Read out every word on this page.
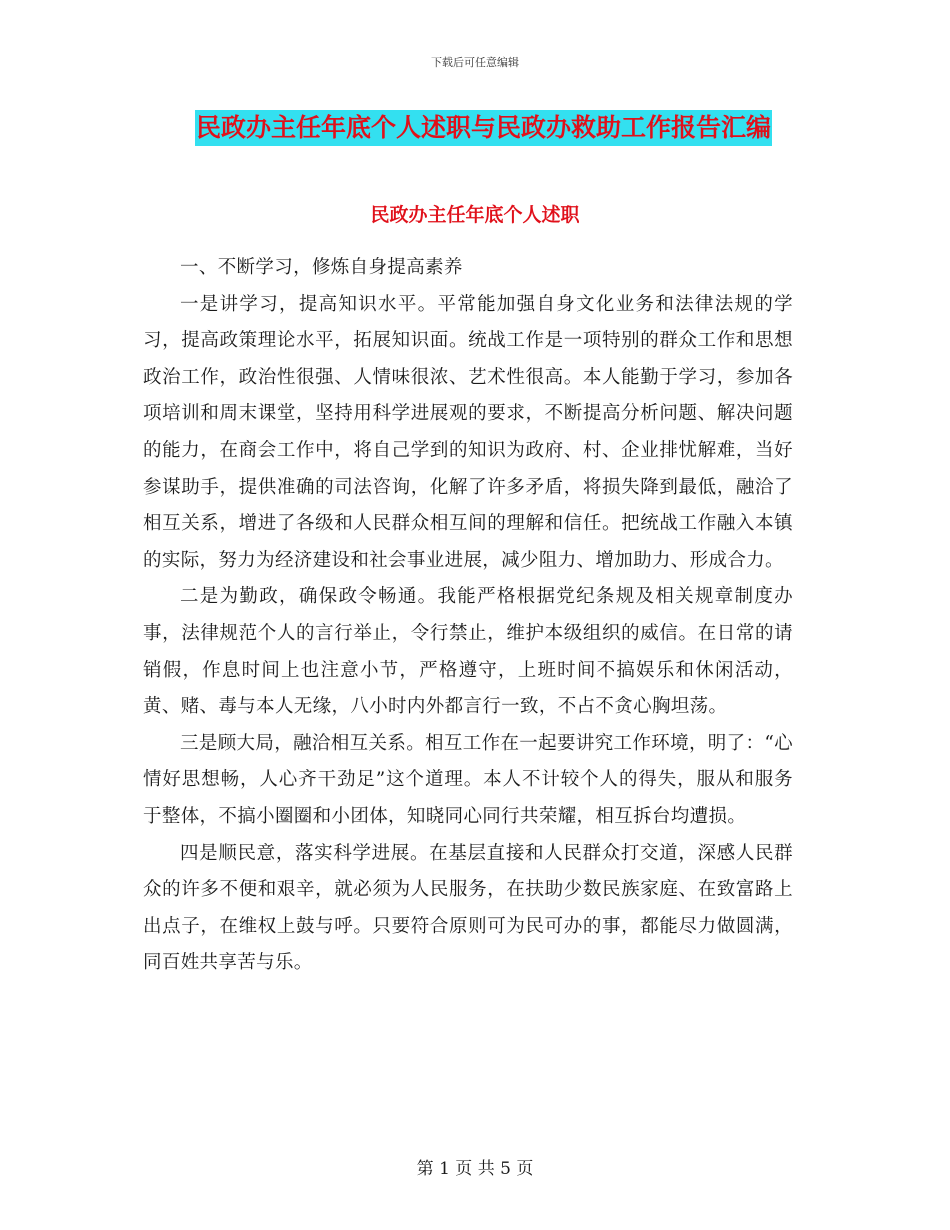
下载后可任意编辑
民政办主任年底个人述职与民政办救助工作报告汇编
民政办主任年底个人述职

一、不断学习，修炼自身提高素养

一是讲学习，提高知识水平。平常能加强自身文化业务和法律法规的学习，提高政策理论水平，拓展知识面。统战工作是一项特别的群众工作和思想政治工作，政治性很强、人情味很浓、艺术性很高。本人能勤于学习，参加各项培训和周末课堂，坚持用科学进展观的要求，不断提高分析问题、解决问题的能力，在商会工作中，将自己学到的知识为政府、村、企业排忧解难，当好参谋助手，提供准确的司法咨询，化解了许多矛盾，将损失降到最低，融洽了相互关系，增进了各级和人民群众相互间的理解和信任。把统战工作融入本镇的实际，努力为经济建设和社会事业进展，减少阻力、增加助力、形成合力。

二是为勤政，确保政令畅通。我能严格根据党纪条规及相关规章制度办事，法律规范个人的言行举止，令行禁止，维护本级组织的威信。在日常的请销假，作息时间上也注意小节，严格遵守，上班时间不搞娱乐和休闲活动，黄、赌、毒与本人无缘，八小时内外都言行一致，不占不贪心胸坦荡。

三是顾大局，融洽相互关系。相互工作在一起要讲究工作环境，明了：“心情好思想畅，人心齐干劲足”这个道理。本人不计较个人的得失，服从和服务于整体，不搞小圈圈和小团体，知晓同心同行共荣耀，相互拆台均遭损。

四是顺民意，落实科学进展。在基层直接和人民群众打交道，深感人民群众的许多不便和艰辛，就必须为人民服务，在扶助少数民族家庭、在致富路上出点子，在维权上鼓与呼。只要符合原则可为民可办的事，都能尽力做圆满，同百姓共享苦与乐。

第 1 页 共 5 页
